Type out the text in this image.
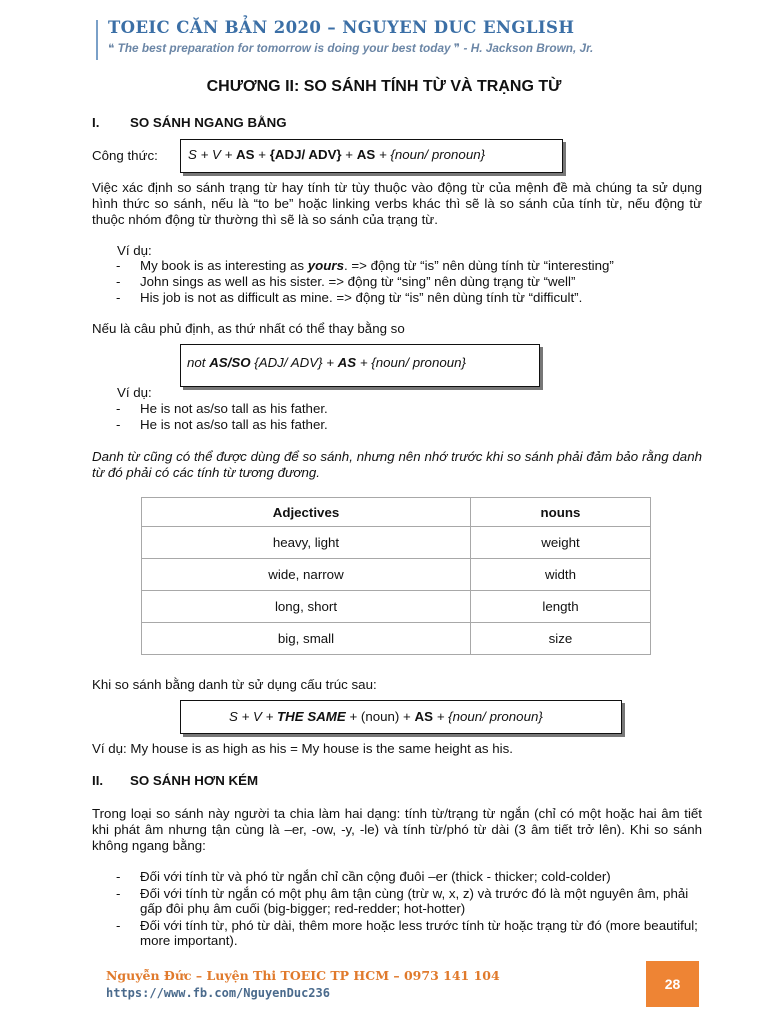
TOEIC CĂN BẢN 2020 – NGUYEN DUC ENGLISH
❝ The best preparation for tomorrow is doing your best today ❞ - H. Jackson Brown, Jr.
CHƯƠNG II: SO SÁNH TÍNH TỪ VÀ TRẠNG TỪ
I. SO SÁNH NGANG BẰNG
Công thức:	S + V + AS + {ADJ/ ADV} + AS + {noun/ pronoun}
Việc xác định so sánh trạng từ hay tính từ tùy thuộc vào động từ của mệnh đề mà chúng ta sử dụng hình thức so sánh, nếu là “to be” hoặc linking verbs khác thì sẽ là so sánh của tính từ, nếu động từ thuộc nhóm động từ thường thì sẽ là so sánh của trạng từ.
Ví dụ:
- My book is as interesting as yours. => động từ “is” nên dùng tính từ “interesting”
- John sings as well as his sister. => động từ “sing” nên dùng trạng từ “well”
- His job is not as difficult as mine. => động từ “is” nên dùng tính từ “difficult”.
Nếu là câu phủ định, as thứ nhất có thể thay bằng so
not AS/SO {ADJ/ ADV} + AS + {noun/ pronoun}
Ví dụ:
- He is not as/so tall as his father.
- He is not as/so tall as his father.
Danh từ cũng có thể được dùng để so sánh, nhưng nên nhớ trước khi so sánh phải đảm bảo rằng danh từ đó phải có các tính từ tương đương.
Adjectives	nouns
heavy, light	weight
wide, narrow	width
long, short	length
big, small	size
Khi so sánh bằng danh từ sử dụng cấu trúc sau:
S + V + THE SAME + (noun) + AS + {noun/ pronoun}
Ví dụ: My house is as high as his = My house is the same height as his.
II. SO SÁNH HƠN KÉM
Trong loại so sánh này người ta chia làm hai dạng: tính từ/trạng từ ngắn (chỉ có một hoặc hai âm tiết khi phát âm nhưng tận cùng là –er, -ow, -y, -le) và tính từ/phó từ dài (3 âm tiết trở lên). Khi so sánh không ngang bằng:
- Đối với tính từ và phó từ ngắn chỉ cần cộng đuôi –er (thick - thicker; cold-colder)
- Đối với tính từ ngắn có một phụ âm tận cùng (trừ w, x, z) và trước đó là một nguyên âm, phải gấp đôi phụ âm cuối (big-bigger; red-redder; hot-hotter)
- Đối với tính từ, phó từ dài, thêm more hoặc less trước tính từ hoặc trạng từ đó (more beautiful; more important).
Nguyễn Đức – Luyện Thi TOEIC TP HCM – 0973 141 104
https://www.fb.com/NguyenDuc236
28
